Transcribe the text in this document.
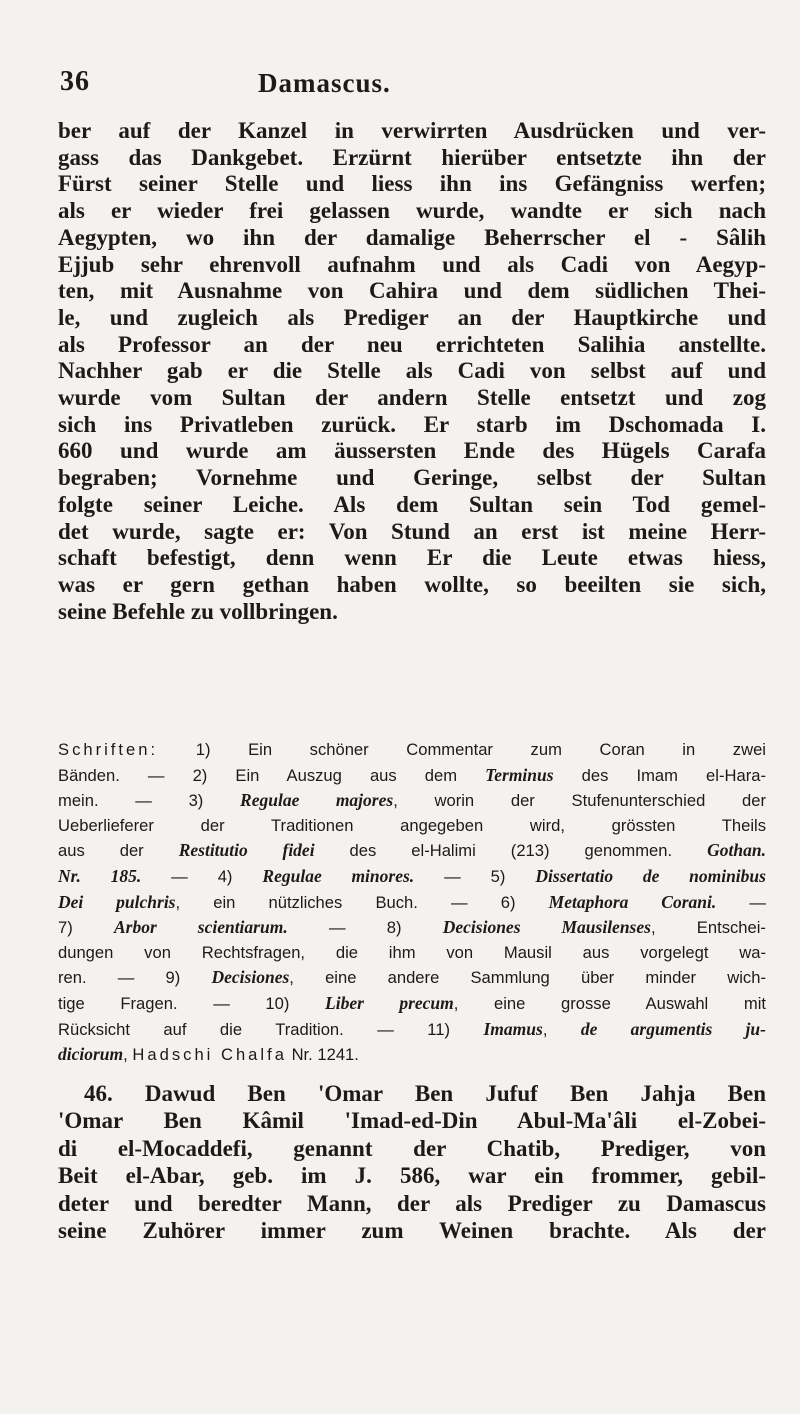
36	Damascus.
ber auf der Kanzel in verwirrten Ausdrücken und ver-
gass das Dankgebet. Erzürnt hierüber entsetzte ihn der
Fürst seiner Stelle und liess ihn ins Gefängniss werfen;
als er wieder frei gelassen wurde, wandte er sich nach
Aegypten, wo ihn der damalige Beherrscher el - Sâlih
Ejjub sehr ehrenvoll aufnahm und als Cadi von Aegyp-
ten, mit Ausnahme von Cahira und dem südlichen Thei-
le, und zugleich als Prediger an der Hauptkirche und
als Professor an der neu errichteten Salihia anstellte.
Nachher gab er die Stelle als Cadi von selbst auf und
wurde vom Sultan der andern Stelle entsetzt und zog
sich ins Privatleben zurück. Er starb im Dschomada I.
660 und wurde am äussersten Ende des Hügels Carafa
begraben; Vornehme und Geringe, selbst der Sultan
folgte seiner Leiche. Als dem Sultan sein Tod gemel-
det wurde, sagte er: Von Stund an erst ist meine Herr-
schaft befestigt, denn wenn Er die Leute etwas hiess,
was er gern gethan haben wollte, so beeilten sie sich,
seine Befehle zu vollbringen.
Schriften: 1) Ein schöner Commentar zum Coran in zwei
Bänden. — 2) Ein Auszug aus dem Terminus des Imam el-Hara-
mein. — 3) Regulae majores, worin der Stufenunterschied der
Ueberlieferer der Traditionen angegeben wird, grössten Theils
aus der Restitutio fidei des el-Halimi (213) genommen. Gothan.
Nr. 185. — 4) Regulae minores. — 5) Dissertatio de nominibus
Dei pulchris, ein nützliches Buch. — 6) Metaphora Corani. —
7) Arbor scientiarum. — 8) Decisiones Mausilenses, Entschei-
dungen von Rechtsfragen, die ihm von Mausil aus vorgelegt wa-
ren. — 9) Decisiones, eine andere Sammlung über minder wich-
tige Fragen. — 10) Liber precum, eine grosse Auswahl mit
Rücksicht auf die Tradition. — 11) Imamus, de argumentis ju-
diciorum, Hadschi Chalfa Nr. 1241.
46. Dawud Ben 'Omar Ben Jufuf Ben Jahja Ben
'Omar Ben Kâmil 'Imad-ed-Din Abul-Ma'âli el-Zobei-
di el-Mocaddefi, genannt der Chatib, Prediger, von
Beit el-Abar, geb. im J. 586, war ein frommer, gebil-
deter und beredter Mann, der als Prediger zu Damascus
seine Zuhörer immer zum Weinen brachte. Als der
